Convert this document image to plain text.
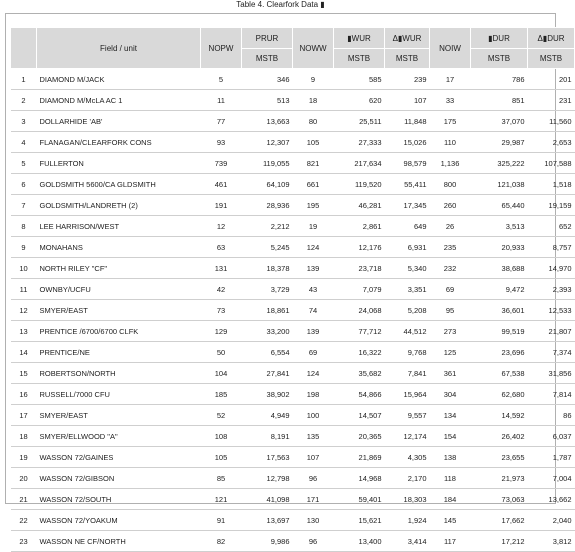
Table 4. Clearfork Data ▮
	Field / unit	NOPW	PRUR	NOWW	▮WUR	Δ▮WUR	NOIW	▮DUR	Δ▮DUR
			MSTB		MSTB	MSTB		MSTB	MSTB
1	DIAMOND M/JACK	5	346	9	585	239	17	786	201
2	DIAMOND M/McLA AC 1	11	513	18	620	107	33	851	231
3	DOLLARHIDE 'AB'	77	13,663	80	25,511	11,848	175	37,070	11,560
4	FLANAGAN/CLEARFORK CONS	93	12,307	105	27,333	15,026	110	29,987	2,653
5	FULLERTON	739	119,055	821	217,634	98,579	1,136	325,222	107,588
6	GOLDSMITH 5600/CA GLDSMITH	461	64,109	661	119,520	55,411	800	121,038	1,518
7	GOLDSMITH/LANDRETH (2)	191	28,936	195	46,281	17,345	260	65,440	19,159
8	LEE HARRISON/WEST	12	2,212	19	2,861	649	26	3,513	652
9	MONAHANS	63	5,245	124	12,176	6,931	235	20,933	8,757
10	NORTH RILEY "CF"	131	18,378	139	23,718	5,340	232	38,688	14,970
11	OWNBY/UCFU	42	3,729	43	7,079	3,351	69	9,472	2,393
12	SMYER/EAST	73	18,861	74	24,068	5,208	95	36,601	12,533
13	PRENTICE /6700/6700 CLFK	129	33,200	139	77,712	44,512	273	99,519	21,807
14	PRENTICE/NE	50	6,554	69	16,322	9,768	125	23,696	7,374
15	ROBERTSON/NORTH	104	27,841	124	35,682	7,841	361	67,538	31,856
16	RUSSELL/7000 CFU	185	38,902	198	54,866	15,964	304	62,680	7,814
17	SMYER/EAST	52	4,949	100	14,507	9,557	134	14,592	86
18	SMYER/ELLWOOD "A"	108	8,191	135	20,365	12,174	154	26,402	6,037
19	WASSON 72/GAINES	105	17,563	107	21,869	4,305	138	23,655	1,787
20	WASSON 72/GIBSON	85	12,798	96	14,968	2,170	118	21,973	7,004
21	WASSON 72/SOUTH	121	41,098	171	59,401	18,303	184	73,063	13,662
22	WASSON 72/YOAKUM	91	13,697	130	15,621	1,924	145	17,662	2,040
23	WASSON NE CF/NORTH	82	9,986	96	13,400	3,414	117	17,212	3,812
